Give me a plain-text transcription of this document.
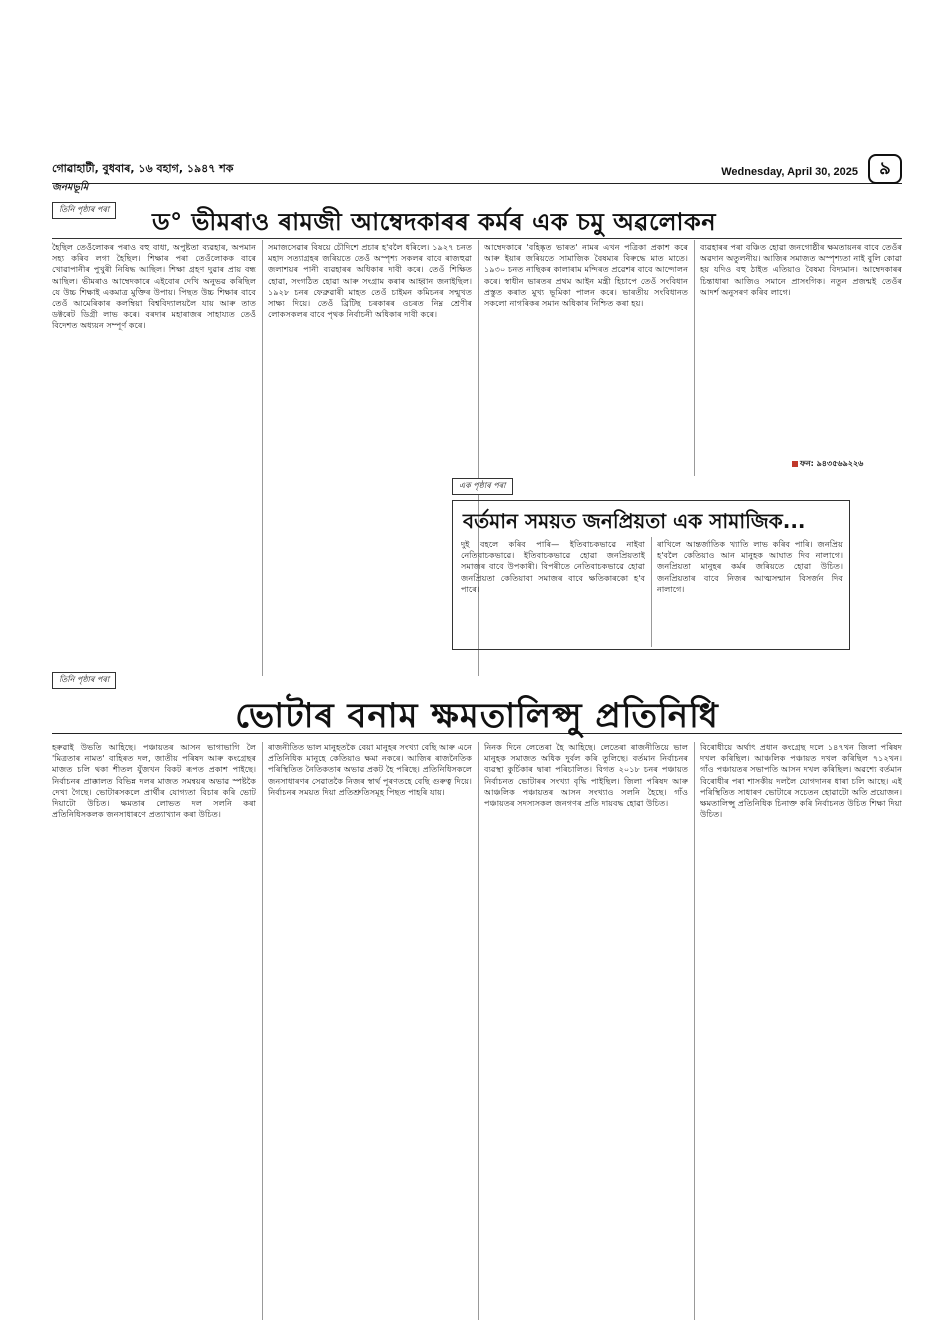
গোৱাহাটী, বুধবাৰ, ১৬ বহাগ, ১৯৪৭ শক
জনমভূমি
Wednesday, April 30, 2025	৯
তিনি পৃষ্ঠাৰ পৰা ড° ভীমৰাও ৰামজী আম্বেদকাৰৰ কৰ্মৰ এক চমু অৱলোকন

হৈছিল তেওঁলোকৰ পৰাও বহু বাধা, অপুষ্টতা ব্যৱহাৰ, অপমান সহ্য কৰিব লগা হৈছিল। শিক্ষাৰ পৰা তেওঁলোকক বাৰে খোৱাপানীৰ পুখুৰী নিষিদ্ধ আছিল। শিক্ষা গ্ৰহণ দুৱাৰ প্ৰায় বন্ধ আছিল। ভীমৰাও আম্বেদকাৰে এইবোৰ দেখি অনুভৱ কৰিছিল যে উচ্চ শিক্ষাই একমাত্ৰ মুক্তিৰ উপায়। পিছত উচ্চ শিক্ষাৰ বাবে তেওঁ আমেৰিকাৰ কলম্বিয়া বিশ্ববিদ্যালয়লৈ যায় আৰু তাত ডক্টৰেট ডিগ্ৰী লাভ কৰে। বৰদাৰ মহাৰাজৰ সাহায্যত তেওঁ বিদেশত অধ্যয়ন সম্পূৰ্ণ কৰে।

সমাজসেৱাৰ বিষয়ে চৌদিশে প্ৰচাৰ হ'বলৈ ধৰিলে। ১৯২৭ চনত মহাদ সত্যাগ্ৰহৰ জৰিয়তে তেওঁ অস্পৃশ্য সকলৰ বাবে ৰাজহুৱা জলাশয়ৰ পানী ব্যৱহাৰৰ অধিকাৰ দাবী কৰে। তেওঁ শিক্ষিত হোৱা, সংগঠিত হোৱা আৰু সংগ্ৰাম কৰাৰ আহ্বান জনাইছিল। ১৯২৮ চনৰ ফেব্ৰুৱাৰী মাহত তেওঁ চাইমন কমিচনৰ সন্মুখত সাক্ষ্য দিয়ে। তেওঁ ব্ৰিটিছ চৰকাৰৰ ওচৰত নিম্ন শ্ৰেণীৰ লোকসকলৰ বাবে পৃথক নিৰ্বাচনী অধিকাৰ দাবী কৰে।

আম্বেদকাৰে 'বহিষ্কৃত ভাৰত' নামৰ এখন পত্ৰিকা প্ৰকাশ কৰে আৰু ইয়াৰ জৰিয়তে সামাজিক বৈষম্যৰ বিৰুদ্ধে মাত মাতে। ১৯৩০ চনত নাছিকৰ কালাৰাম মন্দিৰত প্ৰৱেশৰ বাবে আন্দোলন কৰে। স্বাধীন ভাৰতৰ প্ৰথম আইন মন্ত্ৰী হিচাপে তেওঁ সংবিধান প্ৰস্তুত কৰাত মুখ্য ভূমিকা পালন কৰে। ভাৰতীয় সংবিধানত সকলো নাগৰিকৰ সমান অধিকাৰ নিশ্চিত কৰা হয়।

ব্যৱহাৰৰ পৰা বঞ্চিত হোৱা জনগোষ্ঠীৰ ক্ষমতায়নৰ বাবে তেওঁৰ অৱদান অতুলনীয়। আজিৰ সমাজত অস্পৃশ্যতা নাই বুলি কোৱা হয় যদিও বহু ঠাইত এতিয়াও বৈষম্য বিদ্যমান। আম্বেদকাৰৰ চিন্তাধাৰা আজিও সমানে প্ৰাসংগিক। নতুন প্ৰজন্মই তেওঁৰ আদৰ্শ অনুসৰণ কৰিব লাগে।

ফন: ৯৪৩৫৬৯২২৬
এক পৃষ্ঠাৰ পৰা
বৰ্তমান সময়ত জনপ্ৰিয়তা এক সামাজিক...

দুই বহলে কৰিব পাৰি— ইতিবাচকভাৱে নাইবা নেতিবাচকভাৱে। ইতিবাচকভাৱে হোৱা জনপ্ৰিয়তাই সমাজৰ বাবে উপকাৰী। বিপৰীতে নেতিবাচকভাৱে হোৱা জনপ্ৰিয়তা কেতিয়াবা সমাজৰ বাবে ক্ষতিকাৰকো হ'ব পাৰে।

ৰাখিলে আন্তৰ্জাতিক খ্যাতি লাভ কৰিব পাৰি। জনপ্ৰিয় হ'বলৈ কেতিয়াও আন মানুহক আঘাত দিব নালাগে। জনপ্ৰিয়তা মানুহৰ কৰ্মৰ জৰিয়তে হোৱা উচিত। জনপ্ৰিয়তাৰ বাবে নিজৰ আত্মসন্মান বিসৰ্জন দিব নালাগে।

তিনি পৃষ্ঠাৰ পৰা
ভোটাৰ বনাম ক্ষমতালিপ্সু প্ৰতিনিধি

হৰুৱাই উভতি আহিছে। পঞ্চায়তৰ আসন ভাগাভাগি লৈ 'মিত্ৰতাৰ নামত' বাহিৰত দল, জাতীয় পৰিষদ আৰু কংগ্ৰেছৰ মাজত চলি থকা শীতল যুঁজখন বিকট ৰূপত প্ৰকাশ পাইছে। নিৰ্বাচনৰ প্ৰাক্কালত বিভিন্ন দলৰ মাজত সমন্বয়ৰ অভাৱ স্পষ্টকৈ দেখা গৈছে। ভোটাৰসকলে প্ৰাৰ্থীৰ যোগ্যতা বিচাৰ কৰি ভোট দিয়াটো উচিত। ক্ষমতাৰ লোভত দল সলনি কৰা প্ৰতিনিধিসকলক জনসাধাৰণে প্ৰত্যাখ্যান কৰা উচিত।

ৰাজনীতিত ভাল মানুহতকৈ বেয়া মানুহৰ সংখ্যা বেছি আৰু এনে প্ৰতিনিধিক মানুহে কেতিয়াও ক্ষমা নকৰে। আজিৰ ৰাজনৈতিক পৰিস্থিতিত নৈতিকতাৰ অভাৱ প্ৰকট হৈ পৰিছে। প্ৰতিনিধিসকলে জনসাধাৰণৰ সেৱাতকৈ নিজৰ স্বাৰ্থ পূৰণতহে বেছি গুৰুত্ব দিয়ে। নিৰ্বাচনৰ সময়ত দিয়া প্ৰতিশ্ৰুতিসমূহ পিছত পাহৰি যায়।

নিনক দিনে লেতেৰা হৈ আহিছে। লেতেৰা ৰাজনীতিয়ে ভাল মানুহক সমাজত অধিক দুৰ্বল কৰি তুলিছে। বৰ্তমান নিৰ্বাচনৰ ব্যৱস্থা কুৰ্চিকাৰ দ্বাৰা পৰিচালিত। বিগত ২০১৮ চনৰ পঞ্চায়ত নিৰ্বাচনত ভোটাৰৰ সংখ্যা বৃদ্ধি পাইছিল। জিলা পৰিষদ আৰু আঞ্চলিক পঞ্চায়তৰ আসন সংখ্যাও সলনি হৈছে। গাঁও পঞ্চায়তৰ সদস্যসকল জনগণৰ প্ৰতি দায়বদ্ধ হোৱা উচিত।

বিৰোধীয়ে অৰ্থাৎ প্ৰধান কংগ্ৰেছ দলে ১৪৭খন জিলা পৰিষদ দখল কৰিছিল। আঞ্চলিক পঞ্চায়ত দখল কৰিছিল ৭১২খন। গাঁও পঞ্চায়তৰ সভাপতি আসন দখল কৰিছিল। অৱশ্যে বৰ্তমান বিৰোধীৰ পৰা শাসকীয় দললৈ যোগদানৰ ধাৰা চলি আছে। এই পৰিস্থিতিত সাধাৰণ ভোটাৰে সচেতন হোৱাটো অতি প্ৰয়োজন। ক্ষমতালিপ্সু প্ৰতিনিধিক চিনাক্ত কৰি নিৰ্বাচনত উচিত শিক্ষা দিয়া উচিত।
